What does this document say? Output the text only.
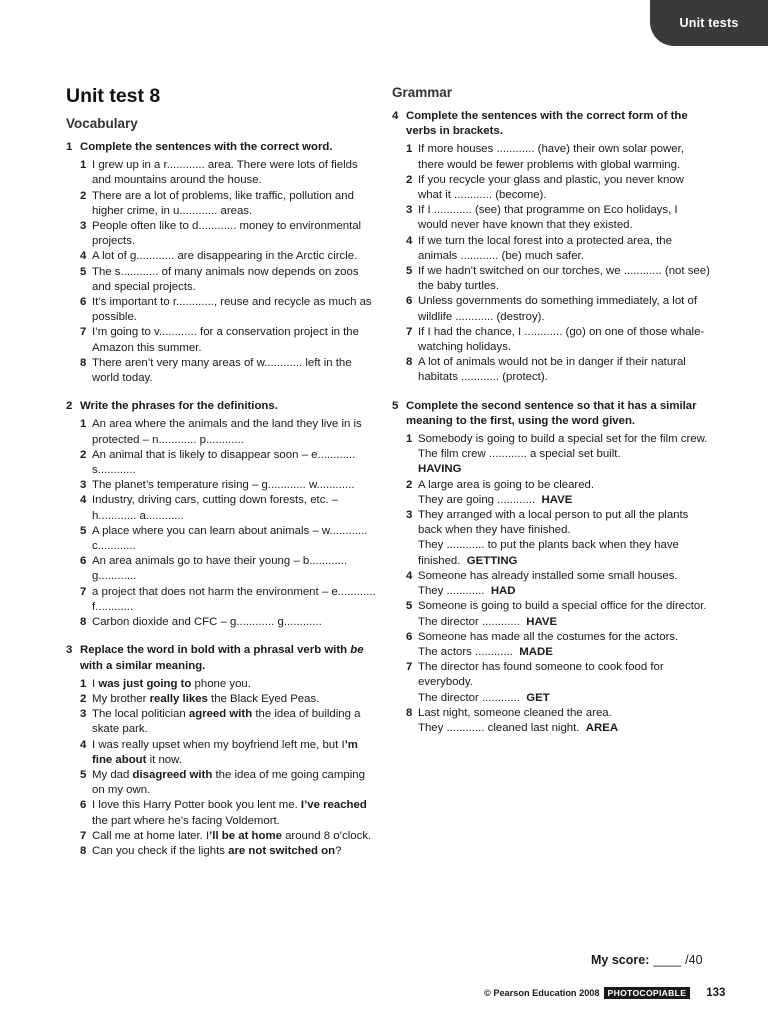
Unit tests
Unit test 8
Vocabulary
1 Complete the sentences with the correct word.
1 I grew up in a r............ area. There were lots of fields and mountains around the house.
2 There are a lot of problems, like traffic, pollution and higher crime, in u............ areas.
3 People often like to d............ money to environmental projects.
4 A lot of g............ are disappearing in the Arctic circle.
5 The s............ of many animals now depends on zoos and special projects.
6 It’s important to r............, reuse and recycle as much as possible.
7 I’m going to v............ for a conservation project in the Amazon this summer.
8 There aren’t very many areas of w............ left in the world today.
2 Write the phrases for the definitions.
1 An area where the animals and the land they live in is protected – n............ p............
2 An animal that is likely to disappear soon – e............ s............
3 The planet’s temperature rising – g............ w............
4 Industry, driving cars, cutting down forests, etc. – h............ a............
5 A place where you can learn about animals – w............ c............
6 An area animals go to have their young – b............ g............
7 a project that does not harm the environment – e............ f............
8 Carbon dioxide and CFC – g............ g............
3 Replace the word in bold with a phrasal verb with be with a similar meaning.
1 I was just going to phone you.
2 My brother really likes the Black Eyed Peas.
3 The local politician agreed with the idea of building a skate park.
4 I was really upset when my boyfriend left me, but I’m fine about it now.
5 My dad disagreed with the idea of me going camping on my own.
6 I love this Harry Potter book you lent me. I’ve reached the part where he’s facing Voldemort.
7 Call me at home later. I’ll be at home around 8 o’clock.
8 Can you check if the lights are not switched on?
Grammar
4 Complete the sentences with the correct form of the verbs in brackets.
1 If more houses ............ (have) their own solar power, there would be fewer problems with global warming.
2 If you recycle your glass and plastic, you never know what it ............ (become).
3 If I ............ (see) that programme on Eco holidays, I would never have known that they existed.
4 If we turn the local forest into a protected area, the animals ............ (be) much safer.
5 If we hadn’t switched on our torches, we ............ (not see) the baby turtles.
6 Unless governments do something immediately, a lot of wildlife ............ (destroy).
7 If I had the chance, I ............ (go) on one of those whale-watching holidays.
8 A lot of animals would not be in danger if their natural habitats ............ (protect).
5 Complete the second sentence so that it has a similar meaning to the first, using the word given.
1 Somebody is going to build a special set for the film crew.
The film crew ............ a special set built.
HAVING
2 A large area is going to be cleared.
They are going ............ HAVE
3 They arranged with a local person to put all the plants back when they have finished.
They ............ to put the plants back when they have finished. GETTING
4 Someone has already installed some small houses.
They ............ HAD
5 Someone is going to build a special office for the director.
The director ............ HAVE
6 Someone has made all the costumes for the actors.
The actors ............ MADE
7 The director has found someone to cook food for everybody.
The director ............ GET
8 Last night, someone cleaned the area.
They ............ cleaned last night. AREA
My score: ____ /40
© Pearson Education 2008 PHOTOCOPIABLE	133
